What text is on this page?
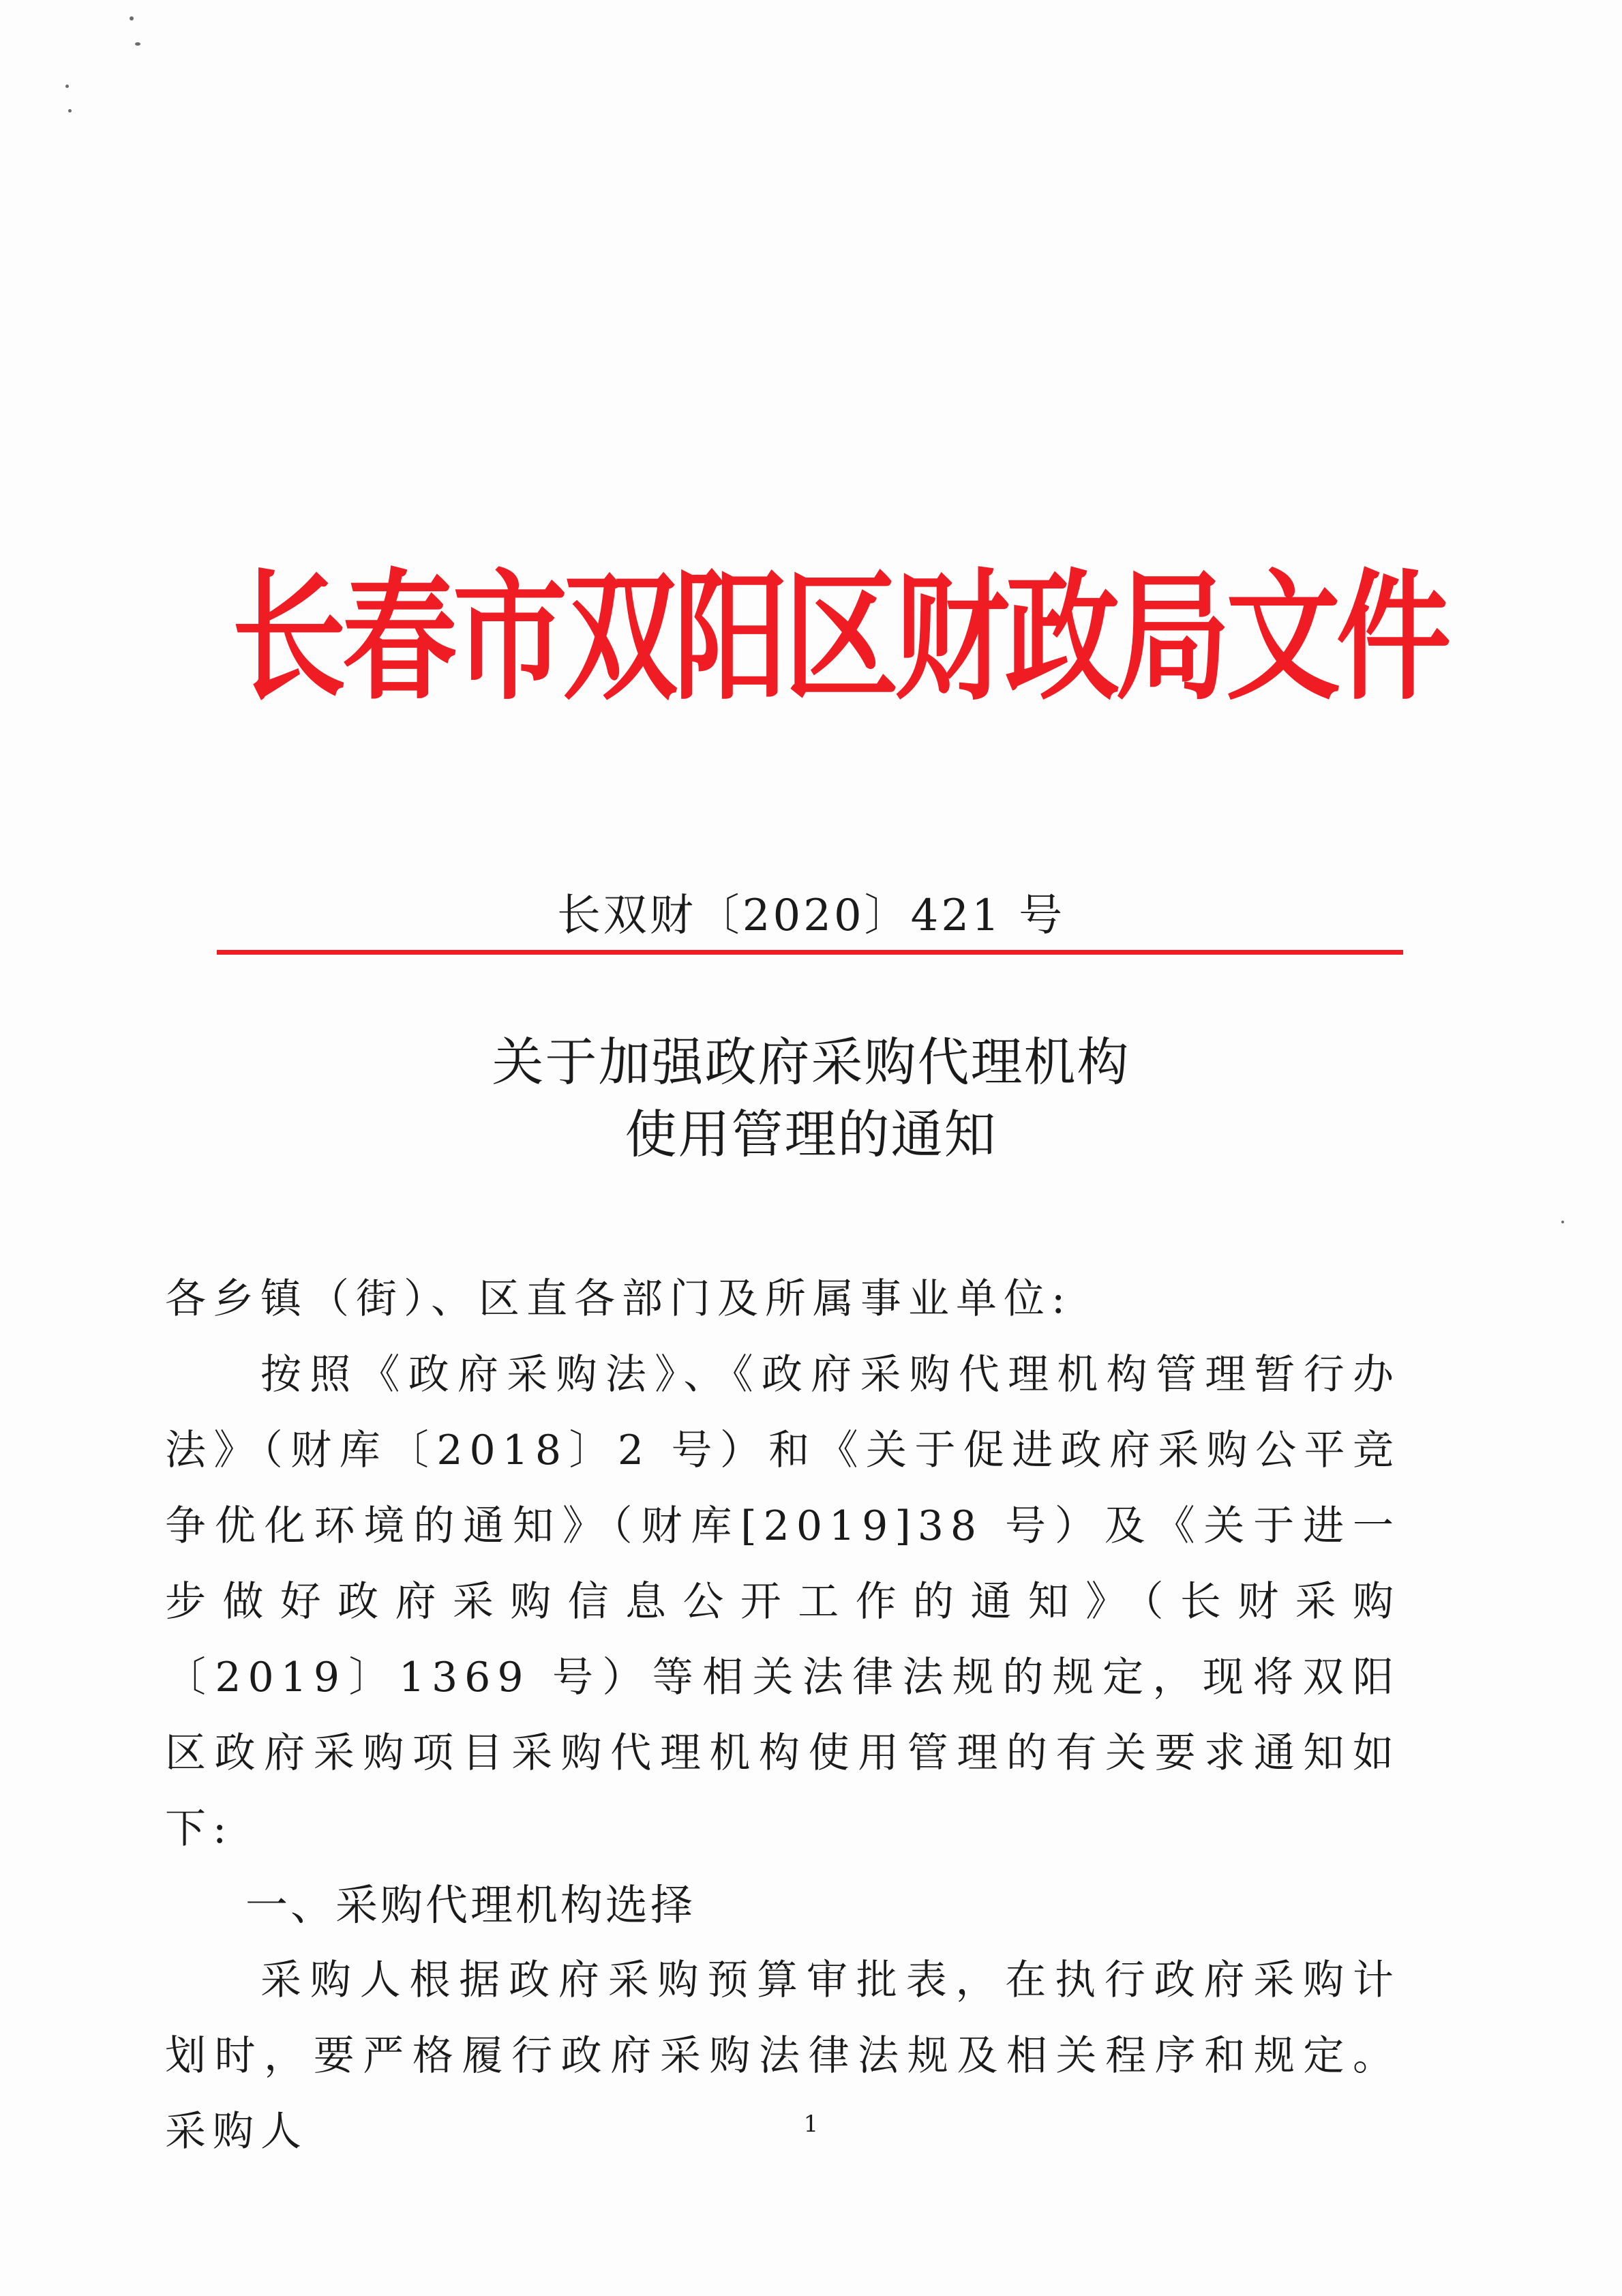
长春市双阳区财政局文件
长双财〔2020〕421 号
关于加强政府采购代理机构
使用管理的通知

各乡镇（街）、区直各部门及所属事业单位:

按照《政府采购法》、《政府采购代理机构管理暂行办法》（财库〔2018〕2 号）和《关于促进政府采购公平竞争优化环境的通知》（财库[2019]38 号）及《关于进一步做好政府采购信息公开工作的通知》（长财采购〔2019〕1369 号）等相关法律法规的规定，现将双阳区政府采购项目采购代理机构使用管理的有关要求通知如下:

一、采购代理机构选择

采购人根据政府采购预算审批表，在执行政府采购计划时，要严格履行政府采购法律法规及相关程序和规定。采购人	1
